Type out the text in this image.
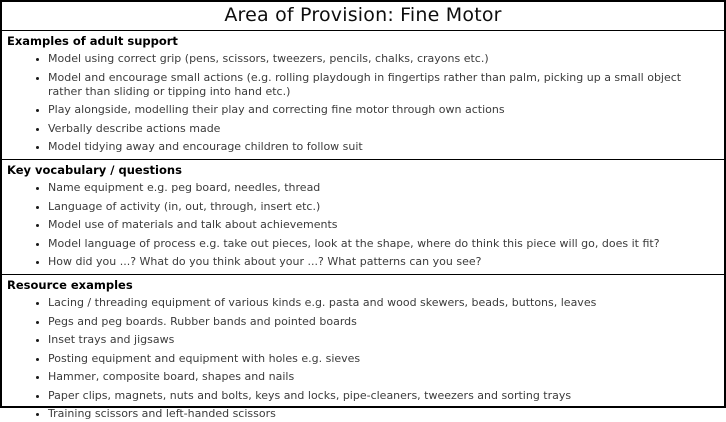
Area of Provision: Fine Motor
Examples of adult support
• Model using correct grip (pens, scissors, tweezers, pencils, chalks, crayons etc.)
• Model and encourage small actions (e.g. rolling playdough in fingertips rather than palm, picking up a small object rather than sliding or tipping into hand etc.)
• Play alongside, modelling their play and correcting fine motor through own actions
• Verbally describe actions made
• Model tidying away and encourage children to follow suit
Key vocabulary / questions
• Name equipment e.g. peg board, needles, thread
• Language of activity (in, out, through, insert etc.)
• Model use of materials and talk about achievements
• Model language of process e.g. take out pieces, look at the shape, where do think this piece will go, does it fit?
• How did you ...? What do you think about your ...? What patterns can you see?
Resource examples
• Lacing / threading equipment of various kinds e.g. pasta and wood skewers, beads, buttons, leaves
• Pegs and peg boards. Rubber bands and pointed boards
• Inset trays and jigsaws
• Posting equipment and equipment with holes e.g. sieves
• Hammer, composite board, shapes and nails
• Paper clips, magnets, nuts and bolts, keys and locks, pipe-cleaners, tweezers and sorting trays
• Training scissors and left-handed scissors
